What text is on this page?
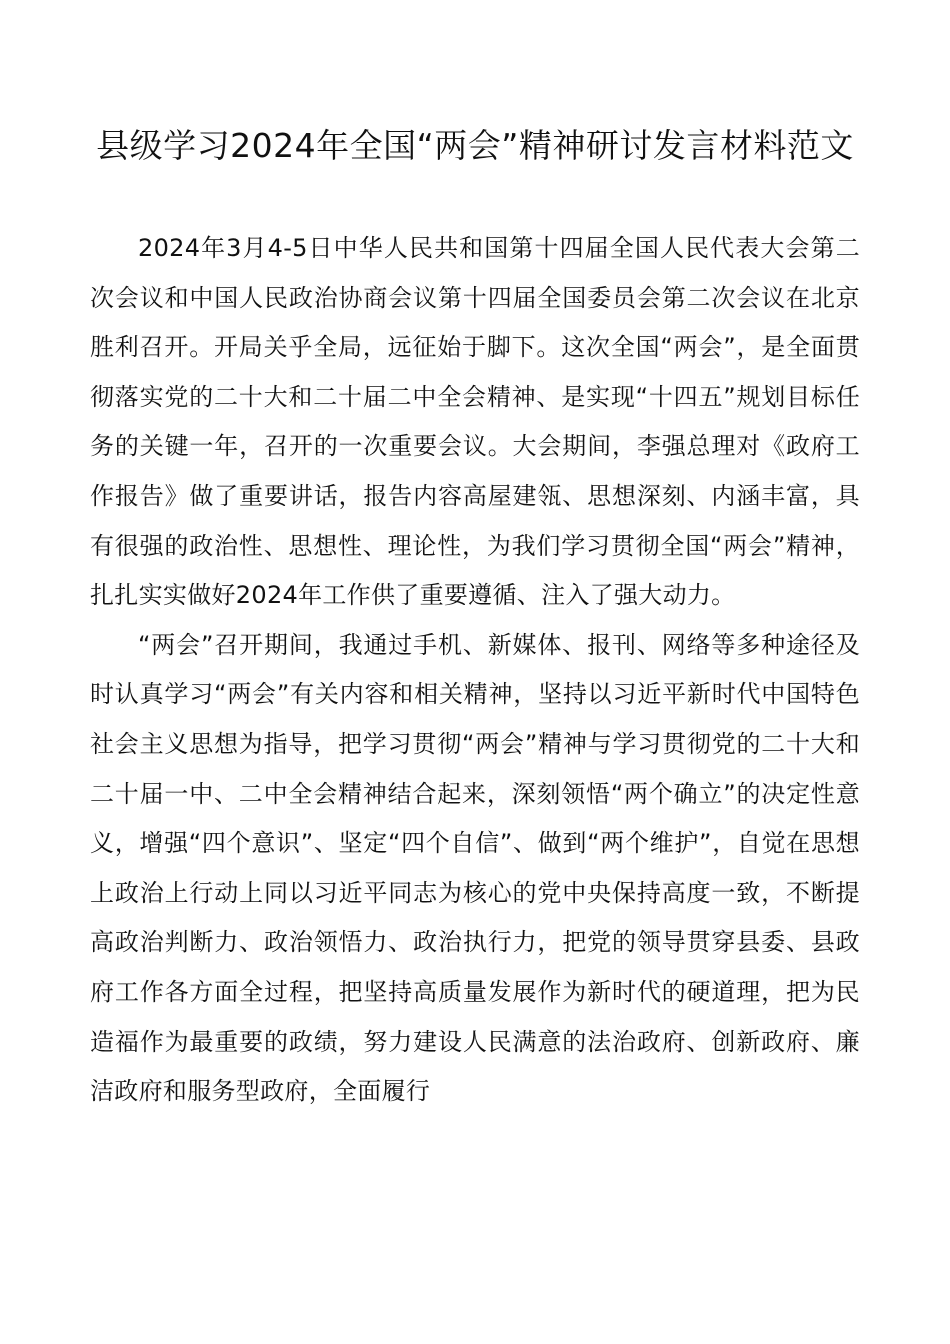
县级学习2024年全国“两会”精神研讨发言材料范文

2024年3月4-5日中华人民共和国第十四届全国人民代表大会第二次会议和中国人民政治协商会议第十四届全国委员会第二次会议在北京胜利召开。开局关乎全局，远征始于脚下。这次全国“两会”，是全面贯彻落实党的二十大和二十届二中全会精神、是实现“十四五”规划目标任务的关键一年，召开的一次重要会议。大会期间，李强总理对《政府工作报告》做了重要讲话，报告内容高屋建瓴、思想深刻、内涵丰富，具有很强的政治性、思想性、理论性，为我们学习贯彻全国“两会”精神，扎扎实实做好2024年工作供了重要遵循、注入了强大动力。

“两会”召开期间，我通过手机、新媒体、报刊、网络等多种途径及时认真学习“两会”有关内容和相关精神，坚持以习近平新时代中国特色社会主义思想为指导，把学习贯彻“两会”精神与学习贯彻党的二十大和二十届一中、二中全会精神结合起来，深刻领悟“两个确立”的决定性意义，增强“四个意识”、坚定“四个自信”、做到“两个维护”，自觉在思想上政治上行动上同以习近平同志为核心的党中央保持高度一致，不断提高政治判断力、政治领悟力、政治执行力，把党的领导贯穿县委、县政府工作各方面全过程，把坚持高质量发展作为新时代的硬道理，把为民造福作为最重要的政绩，努力建设人民满意的法治政府、创新政府、廉洁政府和服务型政府，全面履行
